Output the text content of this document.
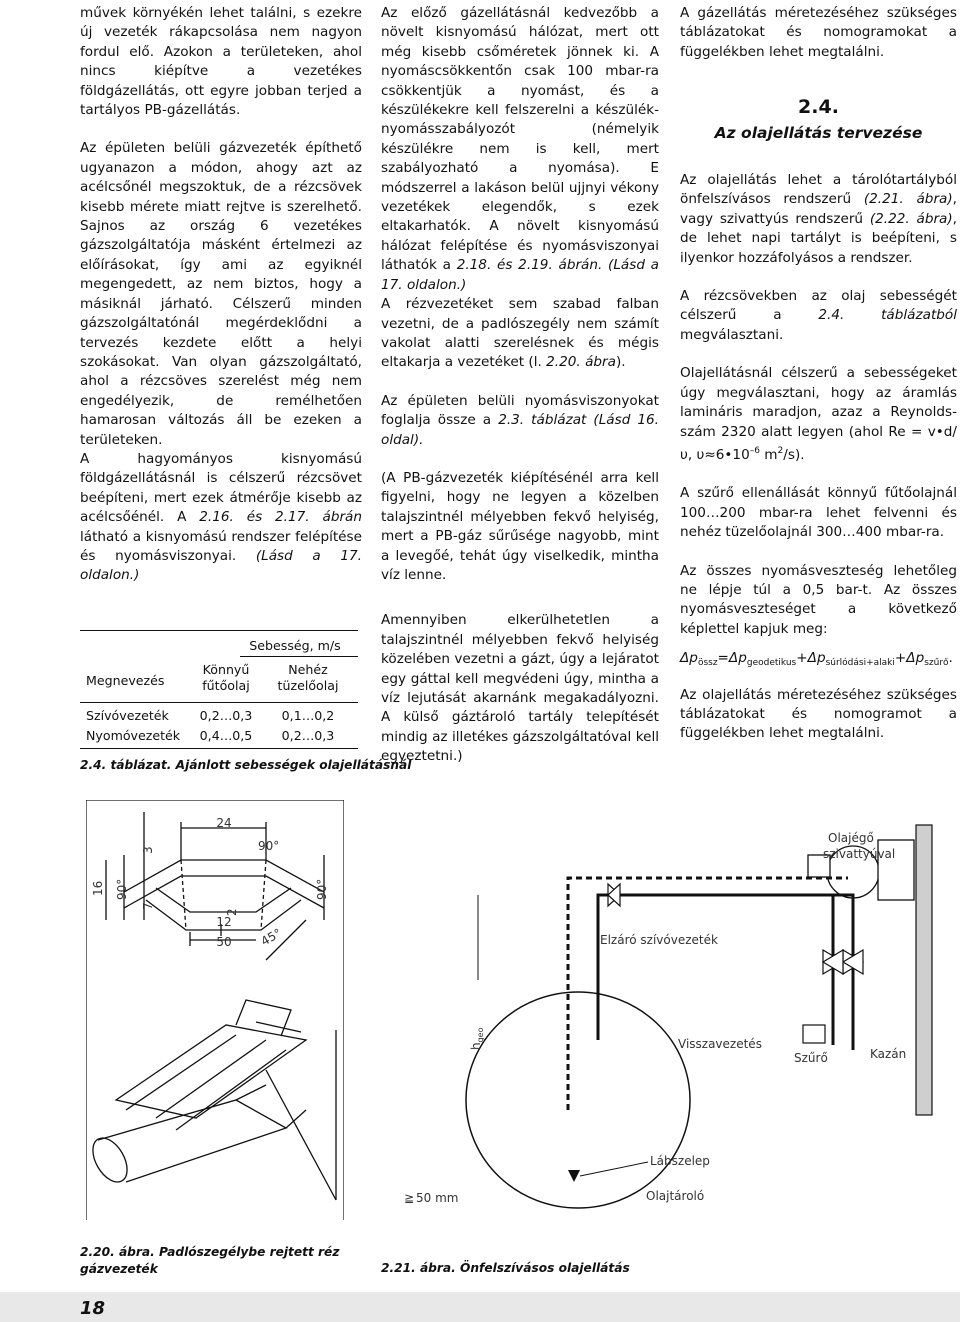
művek környékén lehet találni, s ezekre új vezeték rákapcsolása nem nagyon fordul elő. Azokon a területeken, ahol nincs kiépítve a vezetékes földgázellátás, ott egyre jobban terjed a tartályos PB-gázellátás.

Az épületen belüli gázvezeték építhető ugyanazon a módon, ahogy azt az acélcsőnél megszoktuk, de a rézcsövek kisebb mérete miatt rejtve is szerelhető. Sajnos az ország 6 vezetékes gázszolgáltatója másként értelmezi az előírásokat, így ami az egyiknél megengedett, az nem biztos, hogy a másiknál járható. Célszerű minden gázszolgáltatónál megérdeklődni a tervezés kezdete előtt a helyi szokásokat. Van olyan gázszolgáltató, ahol a rézcsöves szerelést még nem engedélyezik, de remélhetően hamarosan változás áll be ezeken a területeken.

A hagyományos kisnyomású földgázellátásnál is célszerű rézcsövet beépíteni, mert ezek átmérője kisebb az acélcsőénél. A 2.16. és 2.17. ábrán látható a kisnyomású rendszer felépítése és nyomásviszonyai. (Lásd a 17. oldalon.)

Sebesség, m/s
Megnevezés
Könnyű
fűtőolaj
Nehéz
tüzelőolaj
Szívóvezeték	0,2…0,3	0,1…0,2
Nyomóvezeték	0,4…0,5	0,2…0,3
2.4. táblázat. Ajánlott sebességek olajellátásnál

Az előző gázellátásnál kedvezőbb a növelt kisnyomású hálózat, mert ott még kisebb csőméretek jönnek ki. A nyomáscsökkentőn csak 100 mbar-ra csökkentjük a nyomást, és a készülékekre kell felszerelni a készülék-nyomásszabályozót (némelyik készülékre nem is kell, mert szabályozható a nyomása). E módszerrel a lakáson belül ujjnyi vékony vezetékek elegendők, s ezek eltakarhatók. A növelt kisnyomású hálózat felépítése és nyomásviszonyai láthatók a 2.18. és 2.19. ábrán. (Lásd a 17. oldalon.)

A rézvezetéket sem szabad falban vezetni, de a padlószegély nem számít vakolat alatti szerelésnek és mégis eltakarja a vezetéket (l. 2.20. ábra).

Az épületen belüli nyomásviszonyokat foglalja össze a 2.3. táblázat (Lásd 16. oldal).

(A PB-gázvezeték kiépítésénél arra kell figyelni, hogy ne legyen a közelben talajszintnél mélyebben fekvő helyiség, mert a PB-gáz sűrűsége nagyobb, mint a levegőé, tehát úgy viselkedik, mintha víz lenne.

Amennyiben elkerülhetetlen a talajszintnél mélyebben fekvő helyiség közelében vezetni a gázt, úgy a lejáratot egy gáttal kell megvédeni úgy, mintha a víz lejutását akarnánk megakadályozni. A külső gáztároló tartály telepítését mindig az illetékes gázszolgáltatóval kell egyeztetni.)

A gázellátás méretezéséhez szükséges táblázatokat és nomogramokat a függelékben lehet megtalálni.

2.4.
Az olajellátás tervezése

Az olajellátás lehet a tárolótartályból önfelszívásos rendszerű (2.21. ábra), vagy szivattyús rendszerű (2.22. ábra), de lehet napi tartályt is beépíteni, s ilyenkor hozzáfolyásos a rendszer.

A rézcsövekben az olaj sebességét célszerű a 2.4. táblázatból megválasztani.

Olajellátásnál célszerű a sebességeket úgy megválasztani, hogy az áramlás lamináris maradjon, azaz a Reynolds-szám 2320 alatt legyen (ahol Re = v•d/υ, $\upsilon\approx 6•10^{-6}$ $m^2/s$).

A szűrő ellenállását könnyű fűtőolajnál 100…200 mbar-ra lehet felvenni és nehéz tüzelőolajnál 300…400 mbar-ra.

Az összes nyomásveszteség lehetőleg ne lépje túl a 0,5 bar-t. Az összes nyomásveszteséget a következő képlettel kapjuk meg:

$\Delta p_{össz}=\Delta p_{geodetikus}+\Delta p_{súrlódási+alaki}+\Delta p_{szűrő}$.

Az olajellátás méretezéséhez szükséges táblázatokat és nomogramot a függelékben lehet megtalálni.

24
90°
3
16 90°
7
2
12
50 45°
90°
2.20. ábra. Padlószegélybe rejtett réz
gázvezeték
Olajégő
szivattyúval
Elzáró szívóvezeték
Visszavezetés
Szűrő	Kazán
Lábszelep
Olajtároló
$h_{geo}$
≧ 50 mm
2.21. ábra. Önfelszívásos olajellátás
18
